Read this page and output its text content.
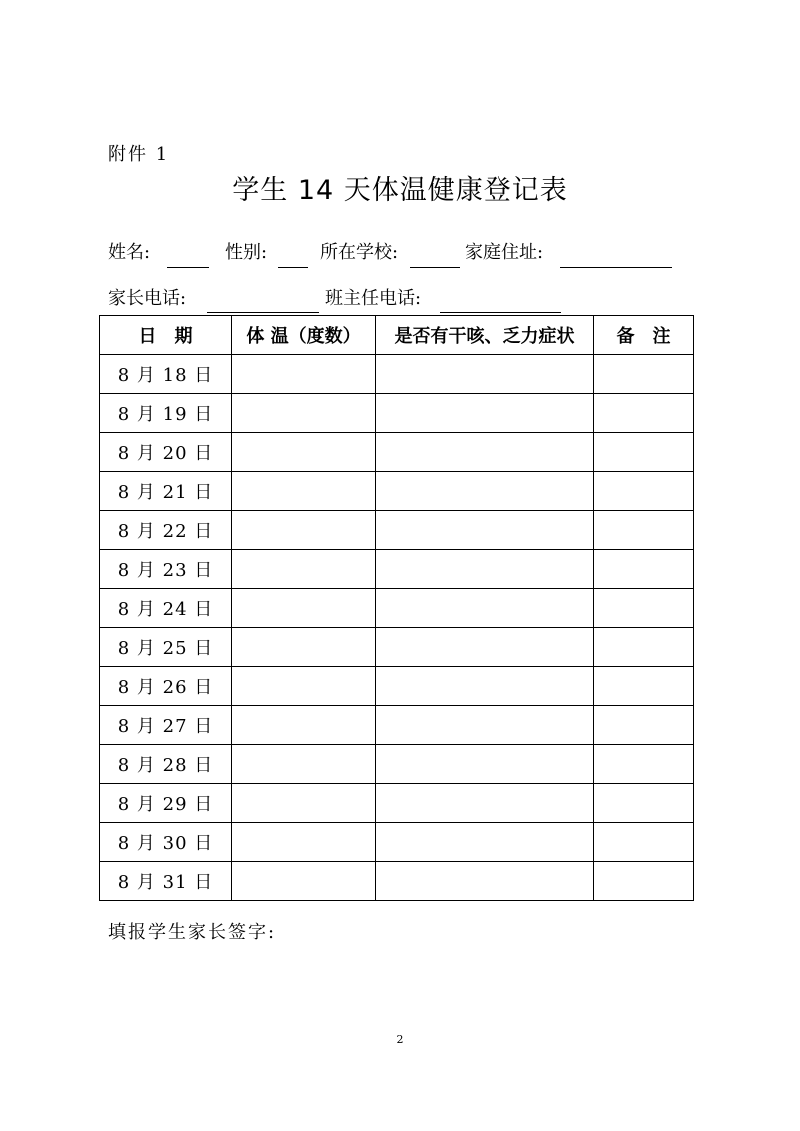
附件 1
学生 14 天体温健康登记表
姓名:	性别:	所在学校:	家庭住址:
家长电话:	班主任电话:
日　期	体 温（度数）	是否有干咳、乏力症状	备　注
8 月 18 日			
8 月 19 日			
8 月 20 日			
8 月 21 日			
8 月 22 日			
8 月 23 日			
8 月 24 日			
8 月 25 日			
8 月 26 日			
8 月 27 日			
8 月 28 日			
8 月 29 日			
8 月 30 日			
8 月 31 日			
填报学生家长签字:
2
